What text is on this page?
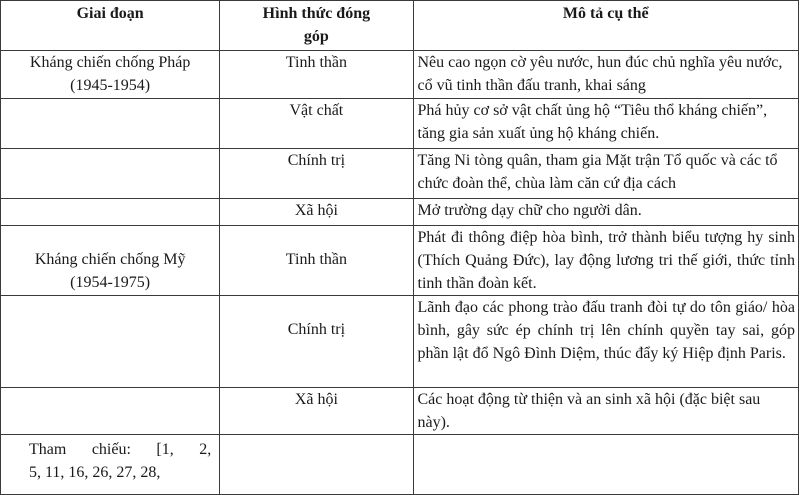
Giai đoạn	Hình thức đóng góp	Mô tả cụ thể

Kháng chiến chống Pháp
(1945-1954)	Tinh thần	Nêu cao ngọn cờ yêu nước, hun đúc chủ nghĩa yêu nước, cổ vũ tinh thần đấu tranh, khai sáng
	Vật chất	Phá hủy cơ sở vật chất ủng hộ “Tiêu thổ kháng chiến”, tăng gia sản xuất ủng hộ kháng chiến.
	Chính trị	Tăng Ni tòng quân, tham gia Mặt trận Tổ quốc và các tổ chức đoàn thể, chùa làm căn cứ địa cách
	Xã hội	Mở trường dạy chữ cho người dân.

Kháng chiến chống Mỹ
(1954-1975)	Tinh thần	Phát đi thông điệp hòa bình, trở thành biểu tượng hy sinh (Thích Quảng Đức), lay động lương tri thế giới, thức tỉnh tinh thần đoàn kết.
	Chính trị	Lãnh đạo các phong trào đấu tranh đòi tự do tôn giáo/ hòa bình, gây sức ép chính trị lên chính quyền tay sai, góp phần lật đổ Ngô Đình Diệm, thúc đẩy ký Hiệp định Paris.
	Xã hội	Các hoạt động từ thiện và an sinh xã hội (đặc biệt sau này).

Tham chiếu: [1, 2,
5, 11, 16, 26, 27, 28,		
